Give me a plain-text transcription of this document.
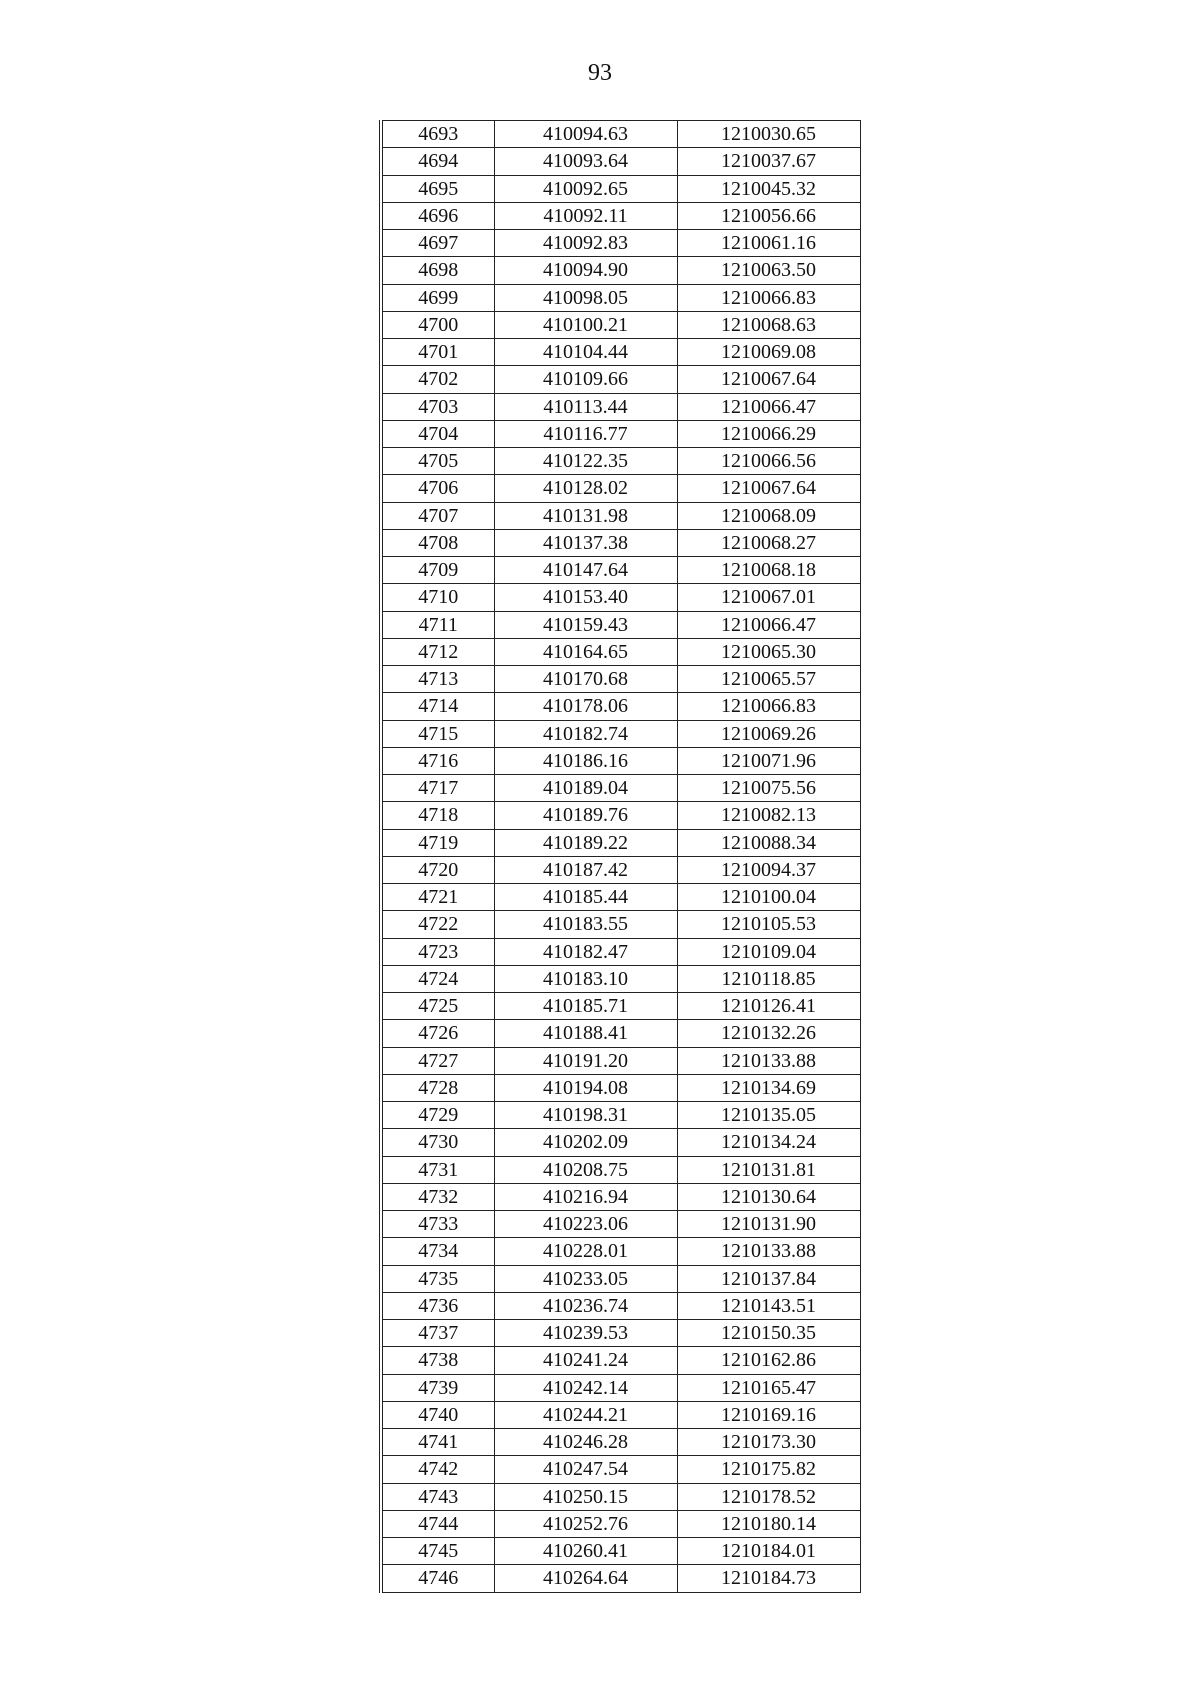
93
4693	410094.63	1210030.65
4694	410093.64	1210037.67
4695	410092.65	1210045.32
4696	410092.11	1210056.66
4697	410092.83	1210061.16
4698	410094.90	1210063.50
4699	410098.05	1210066.83
4700	410100.21	1210068.63
4701	410104.44	1210069.08
4702	410109.66	1210067.64
4703	410113.44	1210066.47
4704	410116.77	1210066.29
4705	410122.35	1210066.56
4706	410128.02	1210067.64
4707	410131.98	1210068.09
4708	410137.38	1210068.27
4709	410147.64	1210068.18
4710	410153.40	1210067.01
4711	410159.43	1210066.47
4712	410164.65	1210065.30
4713	410170.68	1210065.57
4714	410178.06	1210066.83
4715	410182.74	1210069.26
4716	410186.16	1210071.96
4717	410189.04	1210075.56
4718	410189.76	1210082.13
4719	410189.22	1210088.34
4720	410187.42	1210094.37
4721	410185.44	1210100.04
4722	410183.55	1210105.53
4723	410182.47	1210109.04
4724	410183.10	1210118.85
4725	410185.71	1210126.41
4726	410188.41	1210132.26
4727	410191.20	1210133.88
4728	410194.08	1210134.69
4729	410198.31	1210135.05
4730	410202.09	1210134.24
4731	410208.75	1210131.81
4732	410216.94	1210130.64
4733	410223.06	1210131.90
4734	410228.01	1210133.88
4735	410233.05	1210137.84
4736	410236.74	1210143.51
4737	410239.53	1210150.35
4738	410241.24	1210162.86
4739	410242.14	1210165.47
4740	410244.21	1210169.16
4741	410246.28	1210173.30
4742	410247.54	1210175.82
4743	410250.15	1210178.52
4744	410252.76	1210180.14
4745	410260.41	1210184.01
4746	410264.64	1210184.73
